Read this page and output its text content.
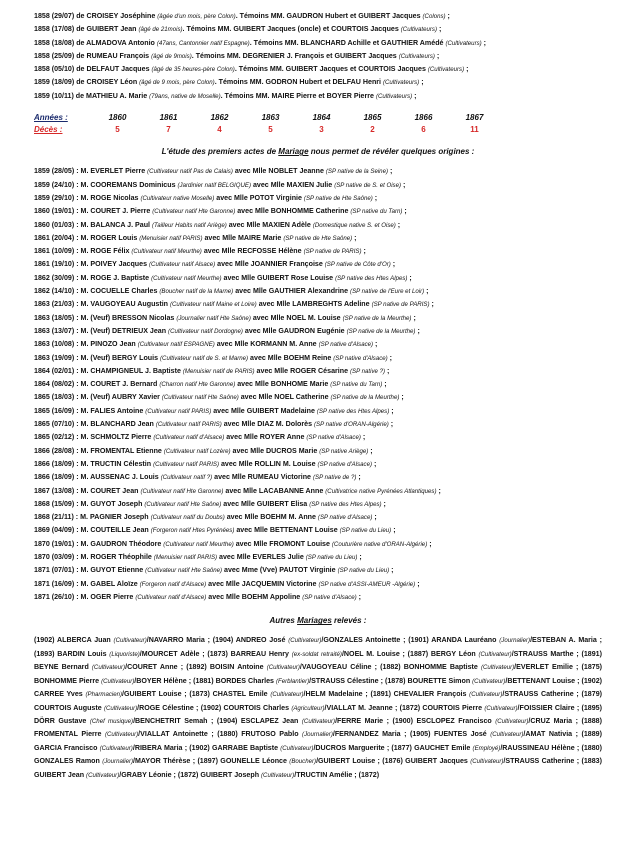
1858 (29/07) de CROISEY Joséphine (âgée d'un mois, père Colon). Témoins MM. GAUDRON Hubert et GUIBERT Jacques (Colons) ;
1858 (17/08) de GUIBERT Jean (âgé de 21mois). Témoins MM. GUIBERT Jacques (oncle) et COURTOIS Jacques (Cultivateurs) ;
1858 (18/08) de ALMADOVA Antonio (47ans, Cantonnier natif Espagne). Témoins MM. BLANCHARD Achille et GAUTHIER Amédé (Cultivateurs) ;
1858 (25/09) de RUMEAU François (âgé de 9mois). Témoins MM. DEGRENIER J. François et GUIBERT Jacques (Cultivateurs) ;
1858 (05/10) de DELFAUT Jacques (âgé de 35 heures-père Colon). Témoins MM. GUIBERT Jacques et COURTOIS Jacques (Cultivateurs) ;
1859 (18/09) de CROISEY Léon (âgé de 9 mois, père Colon). Témoins MM. GODRON Hubert et DELFAU Henri (Cultivateurs) ;
1859 (10/11) de MATHIEU A. Marie (79ans, native de Moselle). Témoins MM. MAIRE Pierre et BOYER Pierre (Cultivateurs) ;
Années :	1860	1861	1862	1863	1864	1865	1866	1867
Décès :	5	7	4	5	3	2	6	11
L'étude des premiers actes de Mariage nous permet de révéler quelques origines :
1859 (28/05) : M. EVERLET Pierre (Cultivateur natif Pas de Calais) avec Mlle NOBLET Jeanne (SP native de la Seine) ;
1859 (24/10) : M. COOREMANS Dominicus (Jardinier natif BELGIQUE) avec Mlle MAXIEN Julie (SP native de S. et Oise) ;
1859 (29/10) : M. ROGE Nicolas (Cultivateur native Moselle) avec Mlle POTOT Virginie (SP native de Hte Saône) ;
1860 (19/01) : M. COURET J. Pierre (Cultivateur natif Hte Garonne) avec Mlle BONHOMME Catherine (SP native du Tarn) ;
1860 (01/03) : M. BALANCA J. Paul (Tailleur Habits natif Ariège) avec Mlle MAXIEN Adèle (Domestique native S. et Oise) ;
1861 (20/04) : M. ROGER Louis (Menuisier natif PARIS) avec Mlle MAIRE Marie (SP native de Hte Saône) ;
1861 (10/09) : M. ROGE Félix (Cultivateur natif Meurthe) avec Mlle RECFOSSE Hélène (SP native de PARIS) ;
1861 (19/10) : M. POIVEY Jacques (Cultivateur natif Alsace) avec Mlle JOANNIER Françoise (SP native de Côte d'Or) ;
1862 (30/09) : M. ROGE J. Baptiste (Cultivateur natif Meurthe) avec Mlle GUIBERT Rose Louise (SP native des Htes Alpes) ;
1862 (14/10) : M. COCUELLE Charles (Boucher natif de la Marne) avec Mlle GAUTHIER Alexandrine (SP native de l'Eure et Loir) ;
1863 (21/03) : M. VAUGOYEAU Augustin (Cultivateur natif Maine et Loire) avec Mlle LAMBREGHTS Adeline (SP native de PARIS) ;
1863 (18/05) : M. (Veuf) BRESSON Nicolas (Journalier natif Hte Saône) avec Mlle NOEL M. Louise (SP native de la Meurthe) ;
1863 (13/07) : M. (Veuf) DETRIEUX Jean (Cultivateur natif Dordogne) avec Mlle GAUDRON Eugénie (SP native de la Meurthe) ;
1863 (10/08) : M. PINOZO Jean (Cultivateur natif ESPAGNE) avec Mlle KORMANN M. Anne (SP native d'Alsace) ;
1863 (19/09) : M. (Veuf) BERGY Louis (Cultivateur natif de S. et Marne) avec Mlle BOEHM Reine (SP native d'Alsace) ;
1864 (02/01) : M. CHAMPIGNEUL J. Baptiste (Menuisier natif de PARIS) avec Mlle ROGER Césarine (SP native ?) ;
1864 (08/02) : M. COURET J. Bernard (Charron natif Hte Garonne) avec Mlle BONHOME Marie (SP native du Tarn) ;
1865 (18/03) : M. (Veuf) AUBRY Xavier (Cultivateur natif Hte Saône) avec Mlle NOEL Catherine (SP native de la Meurthe) ;
1865 (16/09) : M. FALIES Antoine (Cultivateur natif PARIS) avec Mlle GUIBERT Madelaine (SP native des Htes Alpes) ;
1865 (07/10) : M. BLANCHARD Jean (Cultivateur natif PARIS) avec Mlle DIAZ M. Dolorès (SP native d'ORAN-Algérie) ;
1865 (02/12) : M. SCHMOLTZ Pierre (Cultivateur natif d'Alsace) avec Mlle ROYER Anne (SP native d'Alsace) ;
1866 (28/08) : M. FROMENTAL Etienne (Cultivateur natif Lozère) avec Mlle DUCROS Marie (SP native Ariège) ;
1866 (18/09) : M. TRUCTIN Célestin (Cultivateur natif PARIS) avec Mlle ROLLIN M. Louise (SP native d'Alsace) ;
1866 (18/09) : M. AUSSENAC J. Louis (Cultivateur natif ?) avec Mlle RUMEAU Victorine (SP native de ?) ;
1867 (13/08) : M. COURET Jean (Cultivateur natif Hte Garonne) avec Mlle LACABANNE Anne (Cultivatrice native Pyrénées Atlantiques) ;
1868 (15/09) : M. GUYOT Joseph (Cultivateur natif Hte Saône) avec Mlle GUIBERT Elisa (SP native des Htes Alpes) ;
1868 (21/11) : M. PAGNIER Joseph (Cultivateur natif du Doubs) avec Mlle BOEHM M. Anne (SP native d'Alsace) ;
1869 (04/09) : M. COUTEILLE Jean (Forgeron natif Htes Pyrénées) avec Mlle BETTENANT Louise (SP native du Lieu) ;
1870 (19/01) : M. GAUDRON Théodore (Cultivateur natif Meurthe) avec Mlle FROMONT Louise (Couturière native d'ORAN-Algérie) ;
1870 (03/09) : M. ROGER Théophile (Menuisier natif PARIS) avec Mlle EVERLES Julie (SP native du Lieu) ;
1871 (07/01) : M. GUYOT Etienne (Cultivateur natif Hte Saône) avec Mme (Vve) PAUTOT Virginie (SP native du Lieu) ;
1871 (16/09) : M. GABEL Aloïze (Forgeron natif d'Alsace) avec Mlle JACQUEMIN Victorine (SP native d'ASSI-AMEUR -Algérie) ;
1871 (26/10) : M. OGER Pierre (Cultivateur natif d'Alsace) avec Mlle BOEHM Appoline (SP native d'Alsace) ;
Autres Mariages relevés :
(1902) ALBERCA Juan (Cultivateur)/NAVARRO Maria ; (1904) ANDREO José (Cultivateur)/GONZALES Antoinette ; (1901) ARANDA Lauréano (Journalier)/ESTEBAN A. Maria ; (1893) BARDIN Louis (Liquoriste)/MOURCET Adèle ; (1873) BARREAU Henry (ex-soldat retraité)/NOEL M. Louise ; (1887) BERGY Léon (Cultivateur)/STRAUSS Marthe ; (1891) BEYNE Bernard (Cultivateur)/COURET Anne ; (1892) BOISIN Antoine (Cultivateur)/VAUGOYEAU Céline ; (1882) BONHOMME Baptiste (Cultivateur)/EVERLET Emilie ; (1875) BONHOMME Pierre (Cultivateur)/BOYER Hélène ; (1881) BORDES Charles (Ferblantier)/STRAUSS Célestine ; (1878) BOURETTE Simon (Cultivateur)/BETTENANT Louise ; (1902) CARREE Yves (Pharmacien)/GUIBERT Louise ; (1873) CHASTEL Emile (Cultivateur)/HELM Madelaine ; (1891) CHEVALIER François (Cultivateur)/STRAUSS Catherine ; (1879) COURTOIS Auguste (Cultivateur)/ROGE Célestine ; (1902) COURTOIS Charles (Agriculteur)/VIALLAT M. Jeanne ; (1872) COURTOIS Pierre (Cultivateur)/FOISSIER Claire ; (1895) DÖRR Gustave (Chef musique)/BENCHETRIT Semah ; (1904) ESCLAPEZ Jean (Cultivateur)/FERRE Marie ; (1900) ESCLOPEZ Francisco (Cultivateur)/CRUZ Maria ; (1888) FROMENTAL Pierre (Cultivateur)/VIALLAT Antoinette ; (1880) FRUTOSO Pablo (Journalier)/FERNANDEZ Maria ; (1905) FUENTES José (Cultivateur)/AMAT Nativia ; (1889) GARCIA Francisco (Cultivateur)/RIBERA Maria ; (1902) GARRABE Baptiste (Cultivateur)/DUCROS Marguerite ; (1877) GAUCHET Emile (Employé)/RAUSSINEAU Hélène ; (1880) GONZALES Ramon (Journalier)/MAYOR Thérèse ; (1897) GOUNELLE Léonce (Boucher)/GUIBERT Louise ; (1876) GUIBERT Jacques (Cultivateur)/STRAUSS Catherine ; (1883) GUIBERT Jean (Cultivateur)/GRABY Léonie ; (1872) GUIBERT Joseph (Cultivateur)/TRUCTIN Amélie ; (1872)
